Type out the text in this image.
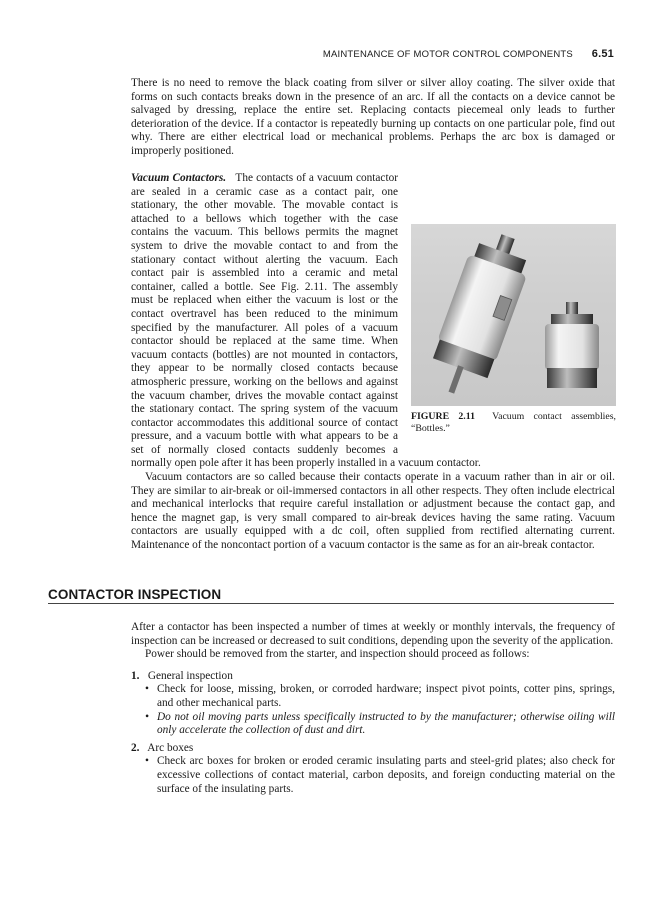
MAINTENANCE OF MOTOR CONTROL COMPONENTS 6.51

There is no need to remove the black coating from silver or silver alloy coating. The silver oxide that forms on such contacts breaks down in the presence of an arc. If all the contacts on a device cannot be salvaged by dressing, replace the entire set. Replacing contacts piecemeal only leads to further deterioration of the device. If a contactor is repeatedly burning up contacts on one particular pole, find out why. There are either electrical load or mechanical problems. Perhaps the arc box is damaged or improperly positioned.

Vacuum Contactors. The contacts of a vacuum contactor are sealed in a ceramic case as a contact pair, one stationary, the other movable. The movable contact is attached to a bellows which together with the case contains the vacuum. This bellows permits the magnet system to drive the movable contact to and from the stationary contact without alerting the vacuum. Each contact pair is assembled into a ceramic and metal container, called a bottle. See Fig. 2.11. The assembly must be replaced when either the vacuum is lost or the contact overtravel has been reduced to the minimum specified by the manufacturer. All poles of a vacuum contactor should be replaced at the same time. When vacuum contacts (bottles) are not mounted in contactors, they appear to be normally closed contacts because atmospheric pressure, working on the bellows and against the vacuum chamber, drives the movable contact against the stationary contact. The spring system of the vacuum contactor accommodates this additional source of contact pressure, and a vacuum bottle with what appears to be a set of normally closed contacts suddenly becomes a normally open pole after it has been properly installed in a vacuum contactor.

Vacuum contactors are so called because their contacts operate in a vacuum rather than in air or oil. They are similar to air-break or oil-immersed contactors in all other respects. They often include electrical and mechanical interlocks that require careful installation or adjustment because the contact gap, and hence the magnet gap, is very small compared to air-break devices having the same rating. Vacuum contactors are usually equipped with a dc coil, often supplied from rectified alternating current. Maintenance of the noncontact portion of a vacuum contactor is the same as for an air-break contactor.

FIGURE 2.11 Vacuum contact assemblies, “Bottles.”
CONTACTOR INSPECTION

After a contactor has been inspected a number of times at weekly or monthly intervals, the frequency of inspection can be increased or decreased to suit conditions, depending upon the severity of the application.

Power should be removed from the starter, and inspection should proceed as follows:

1. General inspection
• Check for loose, missing, broken, or corroded hardware; inspect pivot points, cotter pins, springs, and other mechanical parts.
• Do not oil moving parts unless specifically instructed to by the manufacturer; otherwise oiling will only accelerate the collection of dust and dirt.
2. Arc boxes
• Check arc boxes for broken or eroded ceramic insulating parts and steel-grid plates; also check for excessive collections of contact material, carbon deposits, and foreign conducting material on the surface of the insulating parts.
